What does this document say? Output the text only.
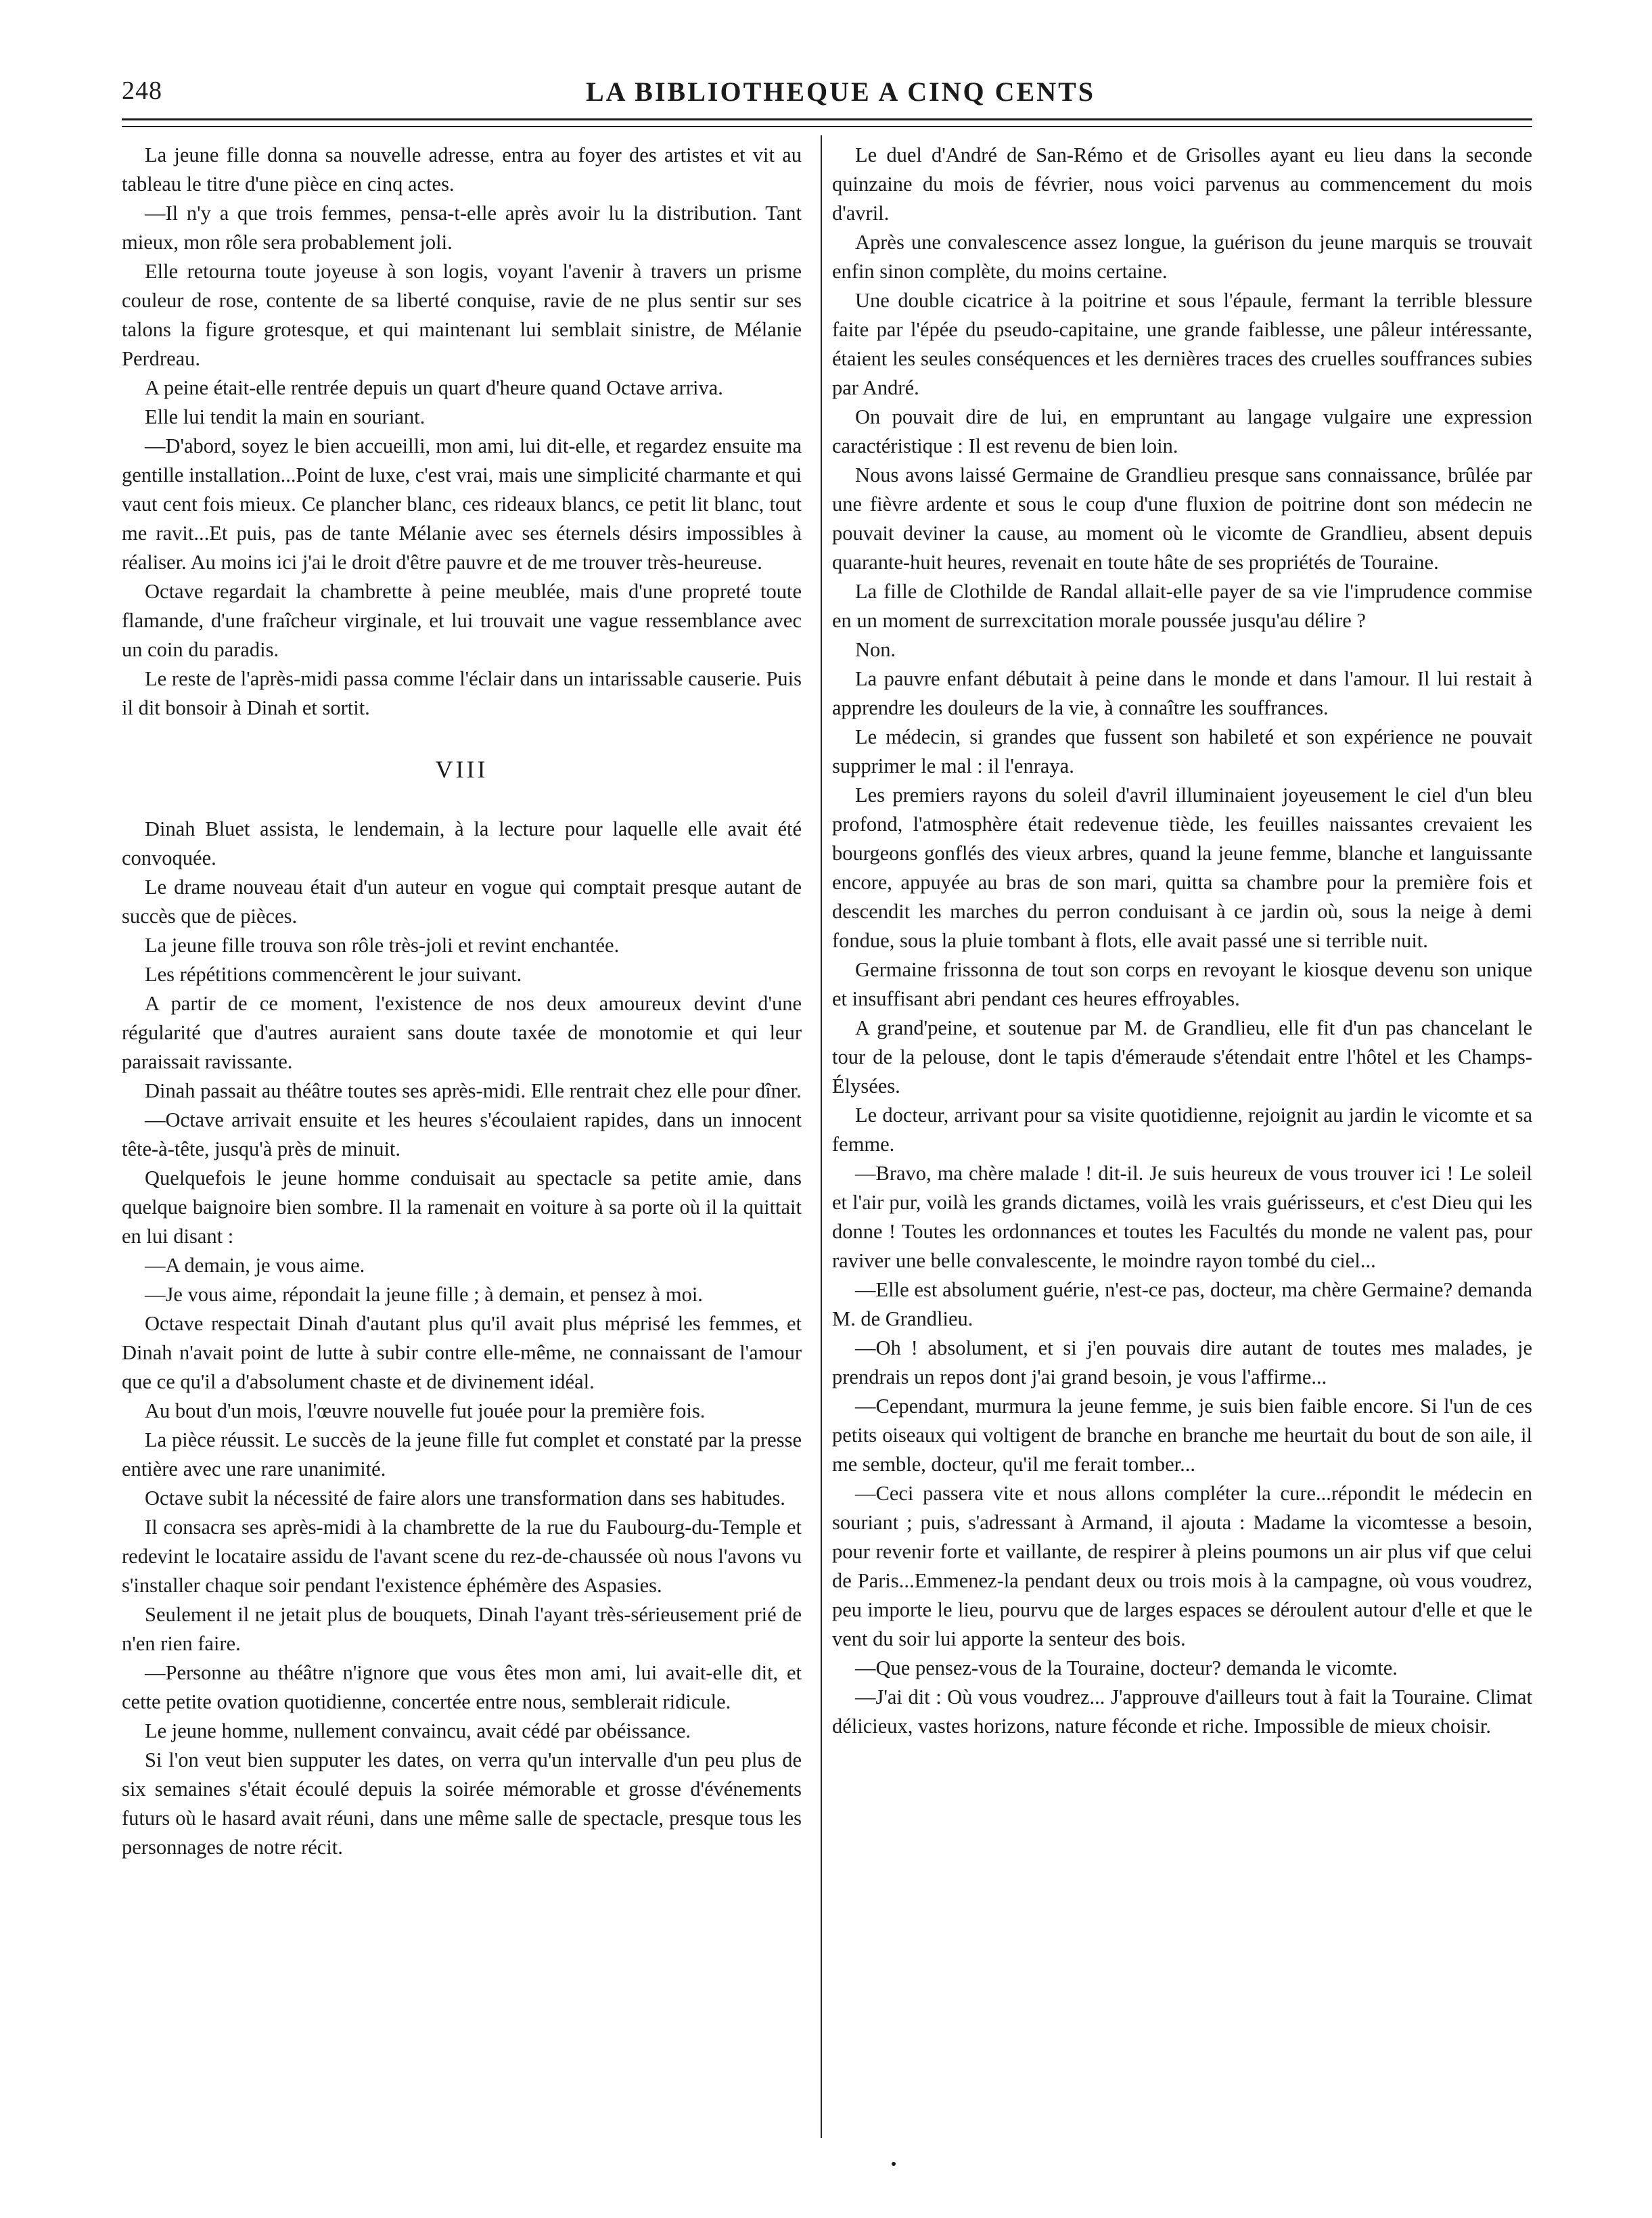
248	LA BIBLIOTHEQUE A CINQ CENTS

La jeune fille donna sa nouvelle adresse, entra au foyer des artistes et vit au tableau le titre d'une pièce en cinq actes.

—Il n'y a que trois femmes, pensa-t-elle après avoir lu la distribution. Tant mieux, mon rôle sera probablement joli.

Elle retourna toute joyeuse à son logis, voyant l'avenir à travers un prisme couleur de rose, contente de sa liberté conquise, ravie de ne plus sentir sur ses talons la figure grotesque, et qui maintenant lui semblait sinistre, de Mélanie Perdreau.

A peine était-elle rentrée depuis un quart d'heure quand Octave arriva.

Elle lui tendit la main en souriant.

—D'abord, soyez le bien accueilli, mon ami, lui dit-elle, et regardez ensuite ma gentille installation...Point de luxe, c'est vrai, mais une simplicité charmante et qui vaut cent fois mieux. Ce plancher blanc, ces rideaux blancs, ce petit lit blanc, tout me ravit...Et puis, pas de tante Mélanie avec ses éternels désirs impossibles à réaliser. Au moins ici j'ai le droit d'être pauvre et de me trouver très-heureuse.

Octave regardait la chambrette à peine meublée, mais d'une propreté toute flamande, d'une fraîcheur virginale, et lui trouvait une vague ressemblance avec un coin du paradis.

Le reste de l'après-midi passa comme l'éclair dans un intarissable causerie. Puis il dit bonsoir à Dinah et sortit.

VIII

Dinah Bluet assista, le lendemain, à la lecture pour laquelle elle avait été convoquée.

Le drame nouveau était d'un auteur en vogue qui comptait presque autant de succès que de pièces.

La jeune fille trouva son rôle très-joli et revint enchantée.

Les répétitions commencèrent le jour suivant.

A partir de ce moment, l'existence de nos deux amoureux devint d'une régularité que d'autres auraient sans doute taxée de monotomie et qui leur paraissait ravissante.

Dinah passait au théâtre toutes ses après-midi. Elle rentrait chez elle pour dîner.

—Octave arrivait ensuite et les heures s'écoulaient rapides, dans un innocent tête-à-tête, jusqu'à près de minuit.

Quelquefois le jeune homme conduisait au spectacle sa petite amie, dans quelque baignoire bien sombre. Il la ramenait en voiture à sa porte où il la quittait en lui disant :

—A demain, je vous aime.

—Je vous aime, répondait la jeune fille ; à demain, et pensez à moi.

Octave respectait Dinah d'autant plus qu'il avait plus méprisé les femmes, et Dinah n'avait point de lutte à subir contre elle-même, ne connaissant de l'amour que ce qu'il a d'absolument chaste et de divinement idéal.

Au bout d'un mois, l'œuvre nouvelle fut jouée pour la première fois.

La pièce réussit. Le succès de la jeune fille fut complet et constaté par la presse entière avec une rare unanimité.

Octave subit la nécessité de faire alors une transformation dans ses habitudes.

Il consacra ses après-midi à la chambrette de la rue du Faubourg-du-Temple et redevint le locataire assidu de l'avant scene du rez-de-chaussée où nous l'avons vu s'installer chaque soir pendant l'existence éphémère des Aspasies.

Seulement il ne jetait plus de bouquets, Dinah l'ayant très-sérieusement prié de n'en rien faire.

—Personne au théâtre n'ignore que vous êtes mon ami, lui avait-elle dit, et cette petite ovation quotidienne, concertée entre nous, semblerait ridicule.

Le jeune homme, nullement convaincu, avait cédé par obéissance.

Si l'on veut bien supputer les dates, on verra qu'un intervalle d'un peu plus de six semaines s'était écoulé depuis la soirée mémorable et grosse d'événements futurs où le hasard avait réuni, dans une même salle de spectacle, presque tous les personnages de notre récit.

Le duel d'André de San-Rémo et de Grisolles ayant eu lieu dans la seconde quinzaine du mois de février, nous voici parvenus au commencement du mois d'avril.

Après une convalescence assez longue, la guérison du jeune marquis se trouvait enfin sinon complète, du moins certaine.

Une double cicatrice à la poitrine et sous l'épaule, fermant la terrible blessure faite par l'épée du pseudo-capitaine, une grande faiblesse, une pâleur intéressante, étaient les seules conséquences et les dernières traces des cruelles souffrances subies par André.

On pouvait dire de lui, en empruntant au langage vulgaire une expression caractéristique : Il est revenu de bien loin.

Nous avons laissé Germaine de Grandlieu presque sans connaissance, brûlée par une fièvre ardente et sous le coup d'une fluxion de poitrine dont son médecin ne pouvait deviner la cause, au moment où le vicomte de Grandlieu, absent depuis quarante-huit heures, revenait en toute hâte de ses propriétés de Touraine.

La fille de Clothilde de Randal allait-elle payer de sa vie l'imprudence commise en un moment de surrexcitation morale poussée jusqu'au délire ?

Non.

La pauvre enfant débutait à peine dans le monde et dans l'amour. Il lui restait à apprendre les douleurs de la vie, à connaître les souffrances.

Le médecin, si grandes que fussent son habileté et son expérience ne pouvait supprimer le mal : il l'enraya.

Les premiers rayons du soleil d'avril illuminaient joyeusement le ciel d'un bleu profond, l'atmosphère était redevenue tiède, les feuilles naissantes crevaient les bourgeons gonflés des vieux arbres, quand la jeune femme, blanche et languissante encore, appuyée au bras de son mari, quitta sa chambre pour la première fois et descendit les marches du perron conduisant à ce jardin où, sous la neige à demi fondue, sous la pluie tombant à flots, elle avait passé une si terrible nuit.

Germaine frissonna de tout son corps en revoyant le kiosque devenu son unique et insuffisant abri pendant ces heures effroyables.

A grand'peine, et soutenue par M. de Grandlieu, elle fit d'un pas chancelant le tour de la pelouse, dont le tapis d'émeraude s'étendait entre l'hôtel et les Champs-Élysées.

Le docteur, arrivant pour sa visite quotidienne, rejoignit au jardin le vicomte et sa femme.

—Bravo, ma chère malade ! dit-il. Je suis heureux de vous trouver ici ! Le soleil et l'air pur, voilà les grands dictames, voilà les vrais guérisseurs, et c'est Dieu qui les donne ! Toutes les ordonnances et toutes les Facultés du monde ne valent pas, pour raviver une belle convalescente, le moindre rayon tombé du ciel...

—Elle est absolument guérie, n'est-ce pas, docteur, ma chère Germaine? demanda M. de Grandlieu.

—Oh ! absolument, et si j'en pouvais dire autant de toutes mes malades, je prendrais un repos dont j'ai grand besoin, je vous l'affirme...

—Cependant, murmura la jeune femme, je suis bien faible encore. Si l'un de ces petits oiseaux qui voltigent de branche en branche me heurtait du bout de son aile, il me semble, docteur, qu'il me ferait tomber...

—Ceci passera vite et nous allons compléter la cure...répondit le médecin en souriant ; puis, s'adressant à Armand, il ajouta : Madame la vicomtesse a besoin, pour revenir forte et vaillante, de respirer à pleins poumons un air plus vif que celui de Paris...Emmenez-la pendant deux ou trois mois à la campagne, où vous voudrez, peu importe le lieu, pourvu que de larges espaces se déroulent autour d'elle et que le vent du soir lui apporte la senteur des bois.

—Que pensez-vous de la Touraine, docteur? demanda le vicomte.

—J'ai dit : Où vous voudrez... J'approuve d'ailleurs tout à fait la Touraine. Climat délicieux, vastes horizons, nature féconde et riche. Impossible de mieux choisir.
